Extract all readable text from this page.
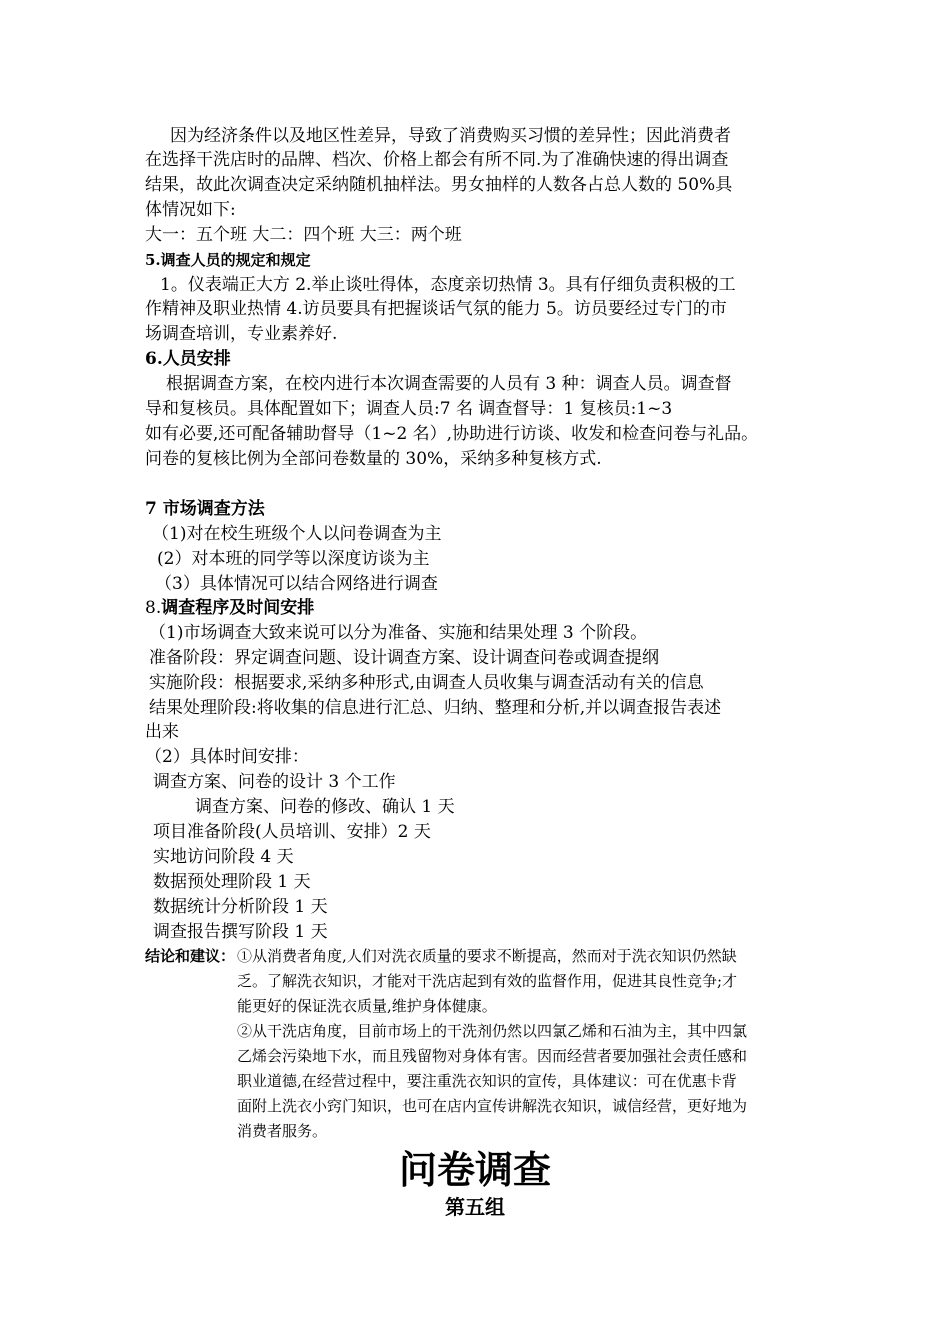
因为经济条件以及地区性差异，导致了消费购买习惯的差异性；因此消费者
在选择干洗店时的品牌、档次、价格上都会有所不同.为了准确快速的得出调查
结果，故此次调查决定采纳随机抽样法。男女抽样的人数各占总人数的 50%具
体情况如下:
大一：五个班 大二：四个班 大三：两个班
5.调查人员的规定和规定
1。仪表端正大方 2.举止谈吐得体，态度亲切热情 3。具有仔细负责积极的工
作精神及职业热情 4.访员要具有把握谈话气氛的能力 5。访员要经过专门的市
场调查培训，专业素养好.
6.人员安排
根据调查方案，在校内进行本次调查需要的人员有 3 种：调查人员。调查督
导和复核员。具体配置如下；调查人员:7 名 调查督导：1 复核员:1~3
如有必要,还可配备辅助督导（1~2 名）,协助进行访谈、收发和检查问卷与礼品。
问卷的复核比例为全部问卷数量的 30%，采纳多种复核方式.
7 市场调查方法
（1)对在校生班级个人以问卷调查为主
(2）对本班的同学等以深度访谈为主
（3）具体情况可以结合网络进行调查
8.调查程序及时间安排
（1)市场调查大致来说可以分为准备、实施和结果处理 3 个阶段。
准备阶段：界定调查问题、设计调查方案、设计调查问卷或调查提纲
实施阶段：根据要求,采纳多种形式,由调查人员收集与调查活动有关的信息
结果处理阶段:将收集的信息进行汇总、归纳、整理和分析,并以调查报告表述
出来
（2）具体时间安排：
调查方案、问卷的设计 3 个工作
调查方案、问卷的修改、确认 1 天
项目准备阶段(人员培训、安排）2 天
实地访问阶段 4 天
数据预处理阶段 1 天
数据统计分析阶段 1 天
调查报告撰写阶段 1 天
结论和建议： ①从消费者角度,人们对洗衣质量的要求不断提高，然而对于洗衣知识仍然缺
乏。了解洗衣知识，才能对干洗店起到有效的监督作用，促进其良性竞争;才
能更好的保证洗衣质量,维护身体健康。
②从干洗店角度，目前市场上的干洗剂仍然以四氯乙烯和石油为主，其中四氯
乙烯会污染地下水，而且残留物对身体有害。因而经营者要加强社会责任感和
职业道德,在经营过程中，要注重洗衣知识的宣传，具体建议：可在优惠卡背
面附上洗衣小窍门知识，也可在店内宣传讲解洗衣知识，诚信经营，更好地为
消费者服务。
问卷调查
第五组
